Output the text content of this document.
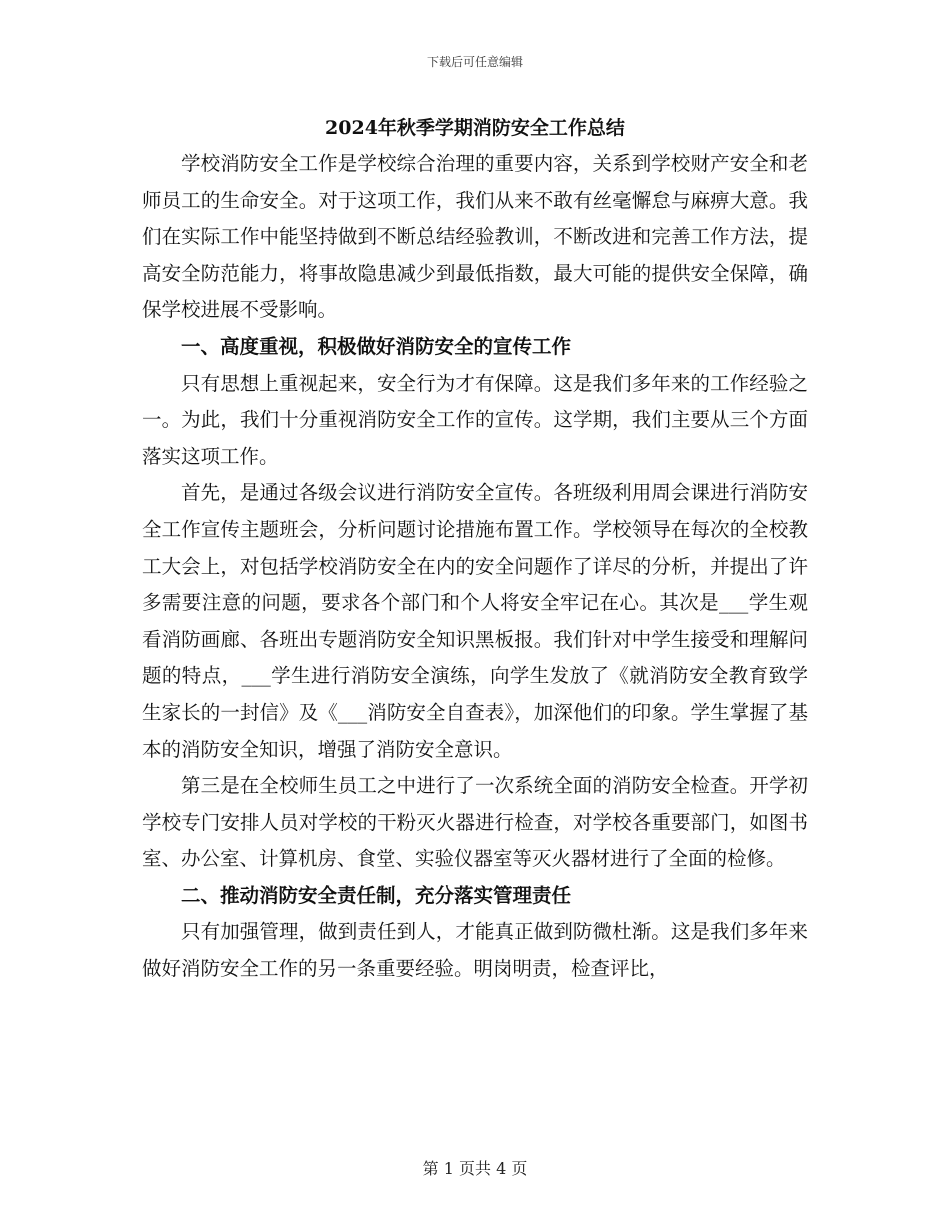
下载后可任意编辑
2024年秋季学期消防安全工作总结

学校消防安全工作是学校综合治理的重要内容，关系到学校财产安全和老师员工的生命安全。对于这项工作，我们从来不敢有丝毫懈怠与麻痹大意。我们在实际工作中能坚持做到不断总结经验教训，不断改进和完善工作方法，提高安全防范能力，将事故隐患减少到最低指数，最大可能的提供安全保障，确保学校进展不受影响。

一、高度重视，积极做好消防安全的宣传工作

只有思想上重视起来，安全行为才有保障。这是我们多年来的工作经验之一。为此，我们十分重视消防安全工作的宣传。这学期，我们主要从三个方面落实这项工作。

首先，是通过各级会议进行消防安全宣传。各班级利用周会课进行消防安全工作宣传主题班会，分析问题讨论措施布置工作。学校领导在每次的全校教工大会上，对包括学校消防安全在内的安全问题作了详尽的分析，并提出了许多需要注意的问题，要求各个部门和个人将安全牢记在心。其次是___学生观看消防画廊、各班出专题消防安全知识黑板报。我们针对中学生接受和理解问题的特点，___学生进行消防安全演练，向学生发放了《就消防安全教育致学生家长的一封信》及《___消防安全自查表》，加深他们的印象。学生掌握了基本的消防安全知识，增强了消防安全意识。

第三是在全校师生员工之中进行了一次系统全面的消防安全检查。开学初学校专门安排人员对学校的干粉灭火器进行检查，对学校各重要部门，如图书室、办公室、计算机房、食堂、实验仪器室等灭火器材进行了全面的检修。

二、推动消防安全责任制，充分落实管理责任

只有加强管理，做到责任到人，才能真正做到防微杜渐。这是我们多年来做好消防安全工作的另一条重要经验。明岗明责，检查评比，

第 1 页共 4 页
